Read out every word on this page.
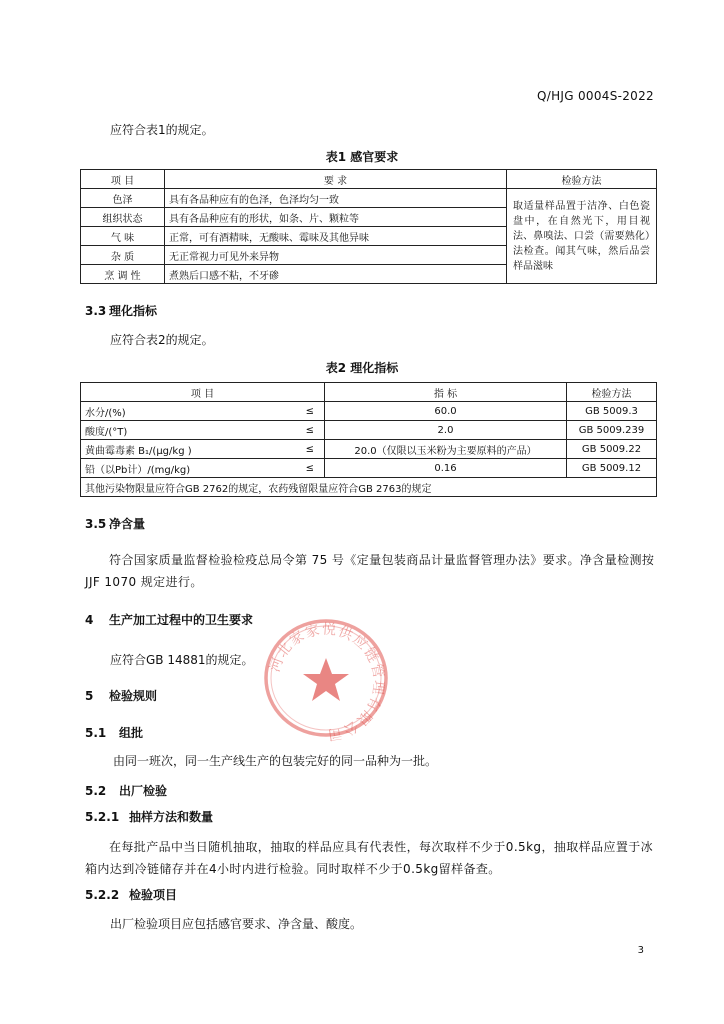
Q/HJG 0004S-2022
应符合表1的规定。
表1 感官要求
项 目	要 求	检验方法
色泽	具有各品种应有的色泽，色泽均匀一致	取适量样品置于洁净、白色瓷盘中，在自然光下，用目视法、鼻嗅法、口尝（需要熟化）法检查。闻其气味，然后品尝样品滋味
组织状态	具有各品种应有的形状，如条、片、颗粒等	
气 味	正常，可有酒精味，无酸味、霉味及其他异味	
杂 质	无正常视力可见外来异物	
烹 调 性	煮熟后口感不粘，不牙碜	
3.3 理化指标
应符合表2的规定。
表2 理化指标
项 目		指 标	检验方法
水分/(%)	≤	60.0	GB 5009.3
酸度/(°T)	≤	2.0	GB 5009.239
黄曲霉毒素 B₁/(μg/kg )	≤	20.0（仅限以玉米粉为主要原料的产品）	GB 5009.22
铅（以Pb计）/(mg/kg)	≤	0.16	GB 5009.12
其他污染物限量应符合GB 2762的规定，农药残留限量应符合GB 2763的规定			
3.5 净含量
符合国家质量监督检验检疫总局令第 75 号《定量包装商品计量监督管理办法》要求。净含量检测按 JJF 1070 规定进行。
4 生产加工过程中的卫生要求
应符合GB 14881的规定。
5 检验规则
5.1 组批
由同一班次，同一生产线生产的包装完好的同一品种为一批。
5.2 出厂检验
5.2.1 抽样方法和数量
在每批产品中当日随机抽取，抽取的样品应具有代表性，每次取样不少于0.5kg，抽取样品应置于冰箱内达到冷链储存并在4小时内进行检验。同时取样不少于0.5kg留样备查。
5.2.2 检验项目
出厂检验项目应包括感官要求、净含量、酸度。
河北家家悦供应链管理有限公司
3
